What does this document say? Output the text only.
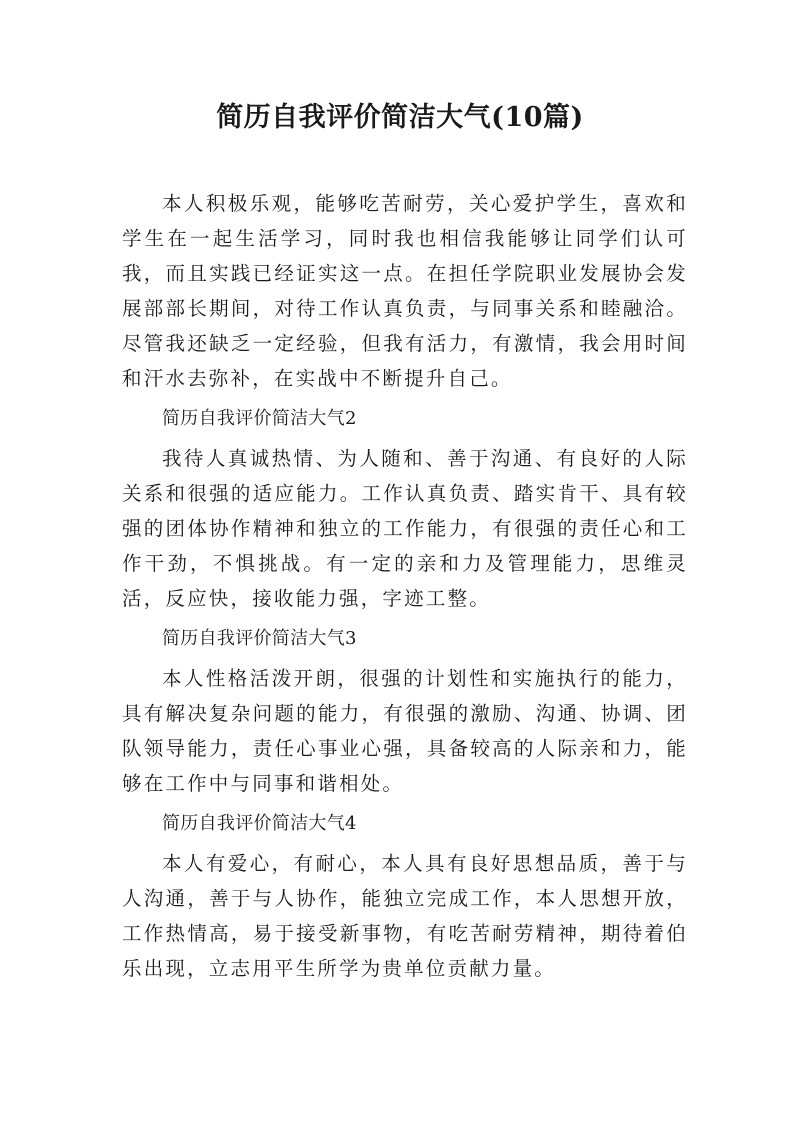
简历自我评价简洁大气(10篇)

本人积极乐观，能够吃苦耐劳，关心爱护学生，喜欢和学生在一起生活学习，同时我也相信我能够让同学们认可我，而且实践已经证实这一点。在担任学院职业发展协会发展部部长期间，对待工作认真负责，与同事关系和睦融洽。尽管我还缺乏一定经验，但我有活力，有激情，我会用时间和汗水去弥补，在实战中不断提升自己。

简历自我评价简洁大气2

我待人真诚热情、为人随和、善于沟通、有良好的人际关系和很强的适应能力。工作认真负责、踏实肯干、具有较强的团体协作精神和独立的工作能力，有很强的责任心和工作干劲，不惧挑战。有一定的亲和力及管理能力，思维灵活，反应快，接收能力强，字迹工整。

简历自我评价简洁大气3

本人性格活泼开朗，很强的计划性和实施执行的能力，具有解决复杂问题的能力，有很强的激励、沟通、协调、团队领导能力，责任心事业心强，具备较高的人际亲和力，能够在工作中与同事和谐相处。

简历自我评价简洁大气4

本人有爱心，有耐心，本人具有良好思想品质，善于与人沟通，善于与人协作，能独立完成工作，本人思想开放，工作热情高，易于接受新事物，有吃苦耐劳精神，期待着伯乐出现，立志用平生所学为贵单位贡献力量。
